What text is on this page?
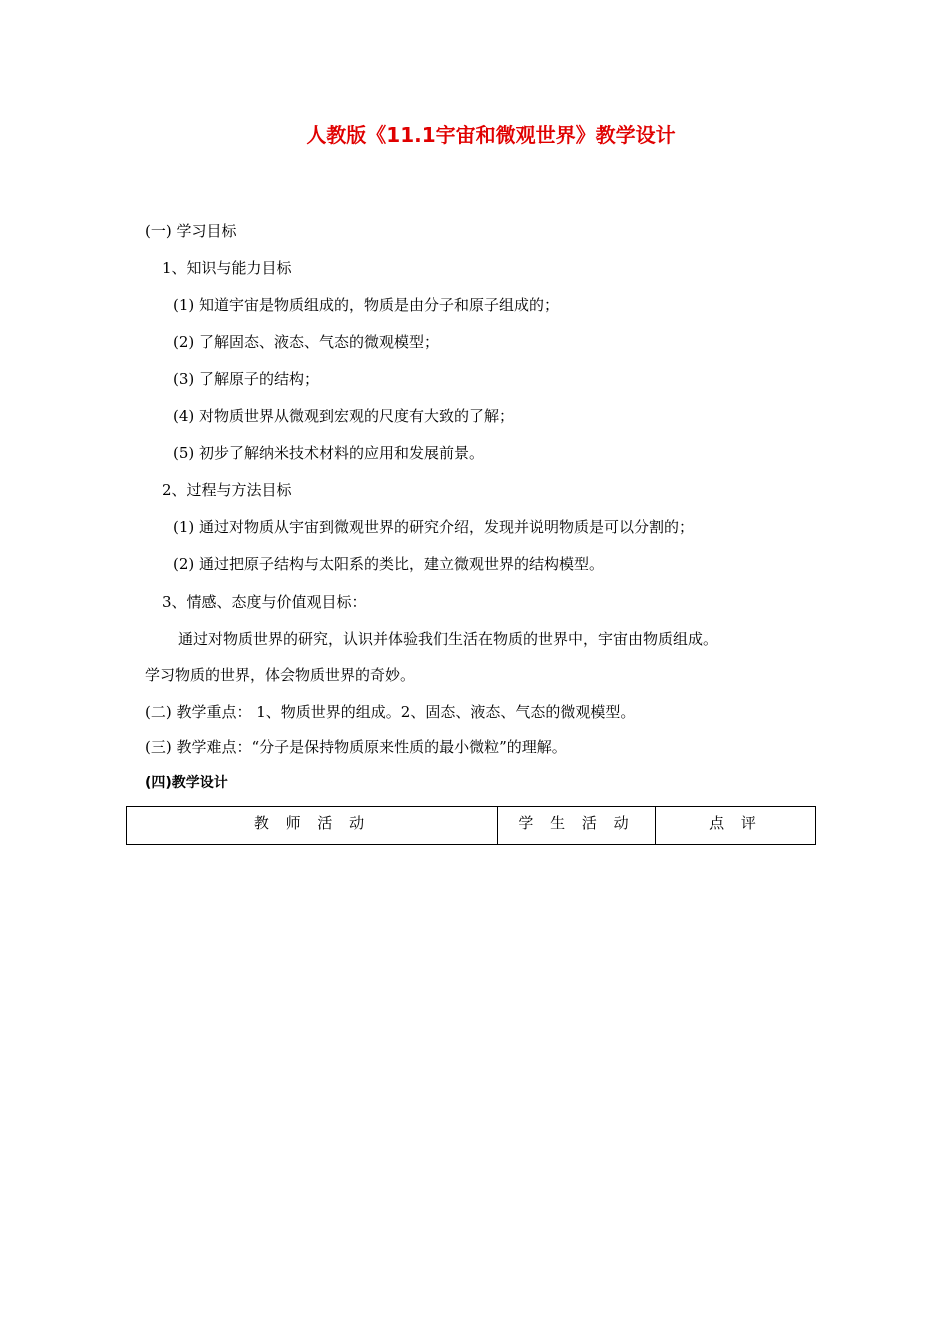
人教版《11.1宇宙和微观世界》教学设计
(一) 学习目标
1、知识与能力目标
(1) 知道宇宙是物质组成的，物质是由分子和原子组成的；
(2) 了解固态、液态、气态的微观模型；
(3) 了解原子的结构；
(4) 对物质世界从微观到宏观的尺度有大致的了解；
(5) 初步了解纳米技术材料的应用和发展前景。
2、过程与方法目标
(1) 通过对物质从宇宙到微观世界的研究介绍，发现并说明物质是可以分割的；
(2) 通过把原子结构与太阳系的类比，建立微观世界的结构模型。
3、情感、态度与价值观目标：
通过对物质世界的研究，认识并体验我们生活在物质的世界中，宇宙由物质组成。
学习物质的世界，体会物质世界的奇妙。
(二) 教学重点： 1、物质世界的组成。2、固态、液态、气态的微观模型。
(三) 教学难点：“分子是保持物质原来性质的最小微粒”的理解。
(四)教学设计
教 师 活 动	学 生 活 动	点 评
